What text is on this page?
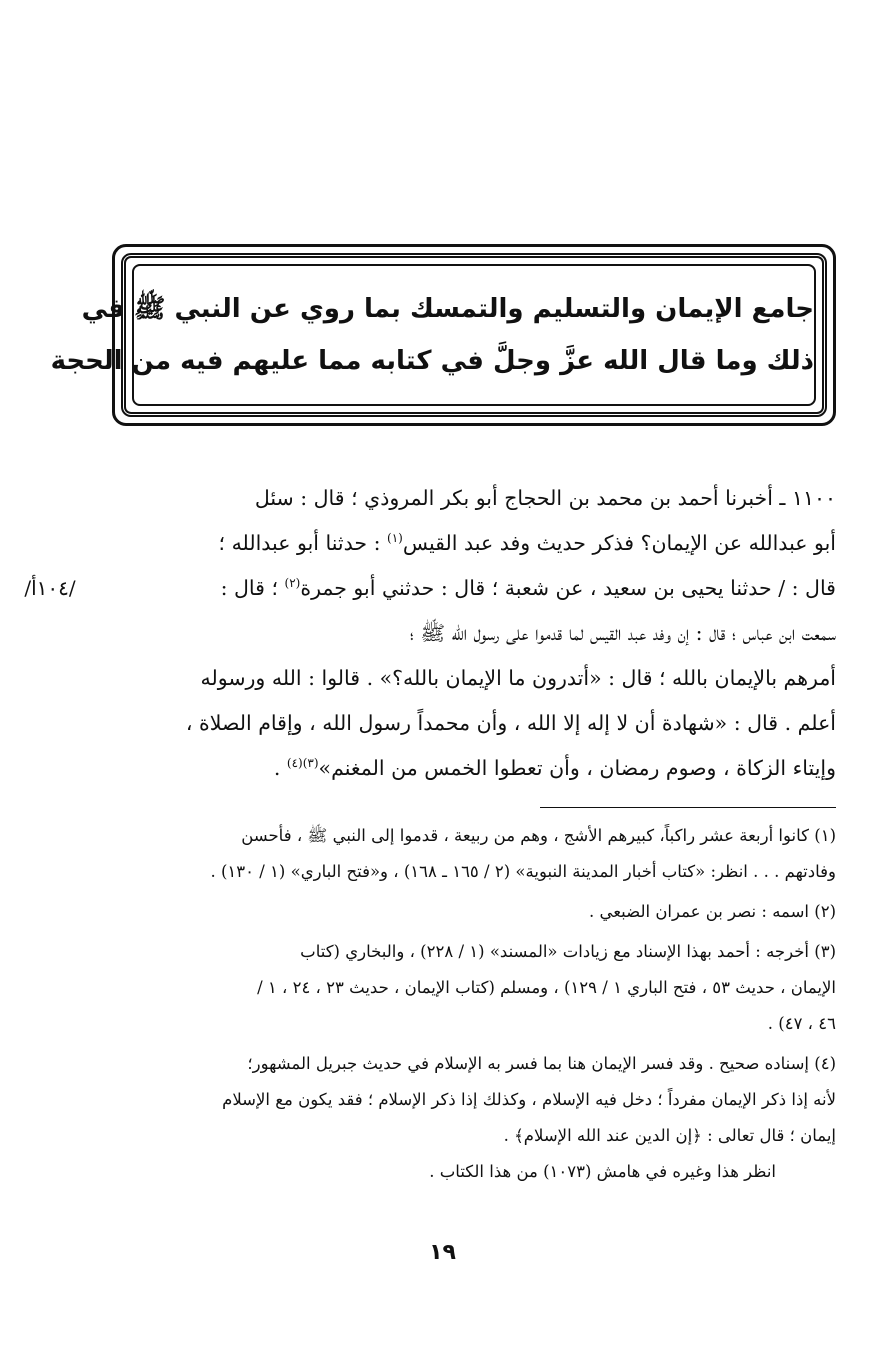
جامع الإيمان والتسليم والتمسك بما روي عن النبي ﷺ في
ذلك وما قال الله عزَّ وجلَّ في كتابه مما عليهم فيه من الحجة
/١٠٤أ/

١١٠٠ ـ أخبرنا أحمد بن محمد بن الحجاج أبو بكر المروذي ؛ قال : سئل

أبو عبدالله عن الإيمان؟ فذكر حديث وفد عبد القيس$^{(١)}$ : حدثنا أبو عبدالله ؛

قال : / حدثنا يحيى بن سعيد ، عن شعبة ؛ قال : حدثني أبو جمرة$^{(٢)}$ ؛ قال :

سمعت ابن عباس ؛ قال : إن وفد عبد القيس لما قدموا على رسول الله ﷺ ؛

أمرهم بالإيمان بالله ؛ قال : «أتدرون ما الإيمان بالله؟» . قالوا : الله ورسوله

أعلم . قال : «شهادة أن لا إله إلا الله ، وأن محمداً رسول الله ، وإقام الصلاة ،

وإيتاء الزكاة ، وصوم رمضان ، وأن تعطوا الخمس من المغنم»$^{(٣)(٤)}$ .

(١) كانوا أربعة عشر راكباً، كبيرهم الأشج ، وهم من ربيعة ، قدموا إلى النبي ﷺ ، فأحسن

وفادتهم . . . انظر: «كتاب أخبار المدينة النبوية» (٢ / ١٦٥ ـ ١٦٨) ، و«فتح الباري» (١ / ١٣٠) .

(٢) اسمه : نصر بن عمران الضبعي .

(٣) أخرجه : أحمد بهذا الإسناد مع زيادات «المسند» (١ / ٢٢٨) ، والبخاري (كتاب

الإيمان ، حديث ٥٣ ، فتح الباري ١ / ١٢٩) ، ومسلم (كتاب الإيمان ، حديث ٢٣ ، ٢٤ ، ١ /

٤٦ ، ٤٧) .

(٤) إسناده صحيح . وقد فسر الإيمان هنا بما فسر به الإسلام في حديث جبريل المشهور؛

لأنه إذا ذكر الإيمان مفرداً ؛ دخل فيه الإسلام ، وكذلك إذا ذكر الإسلام ؛ فقد يكون مع الإسلام

إيمان ؛ قال تعالى : ﴿إن الدين عند الله الإسلام﴾ .

انظر هذا وغيره في هامش (١٠٧٣) من هذا الكتاب .

١٩
